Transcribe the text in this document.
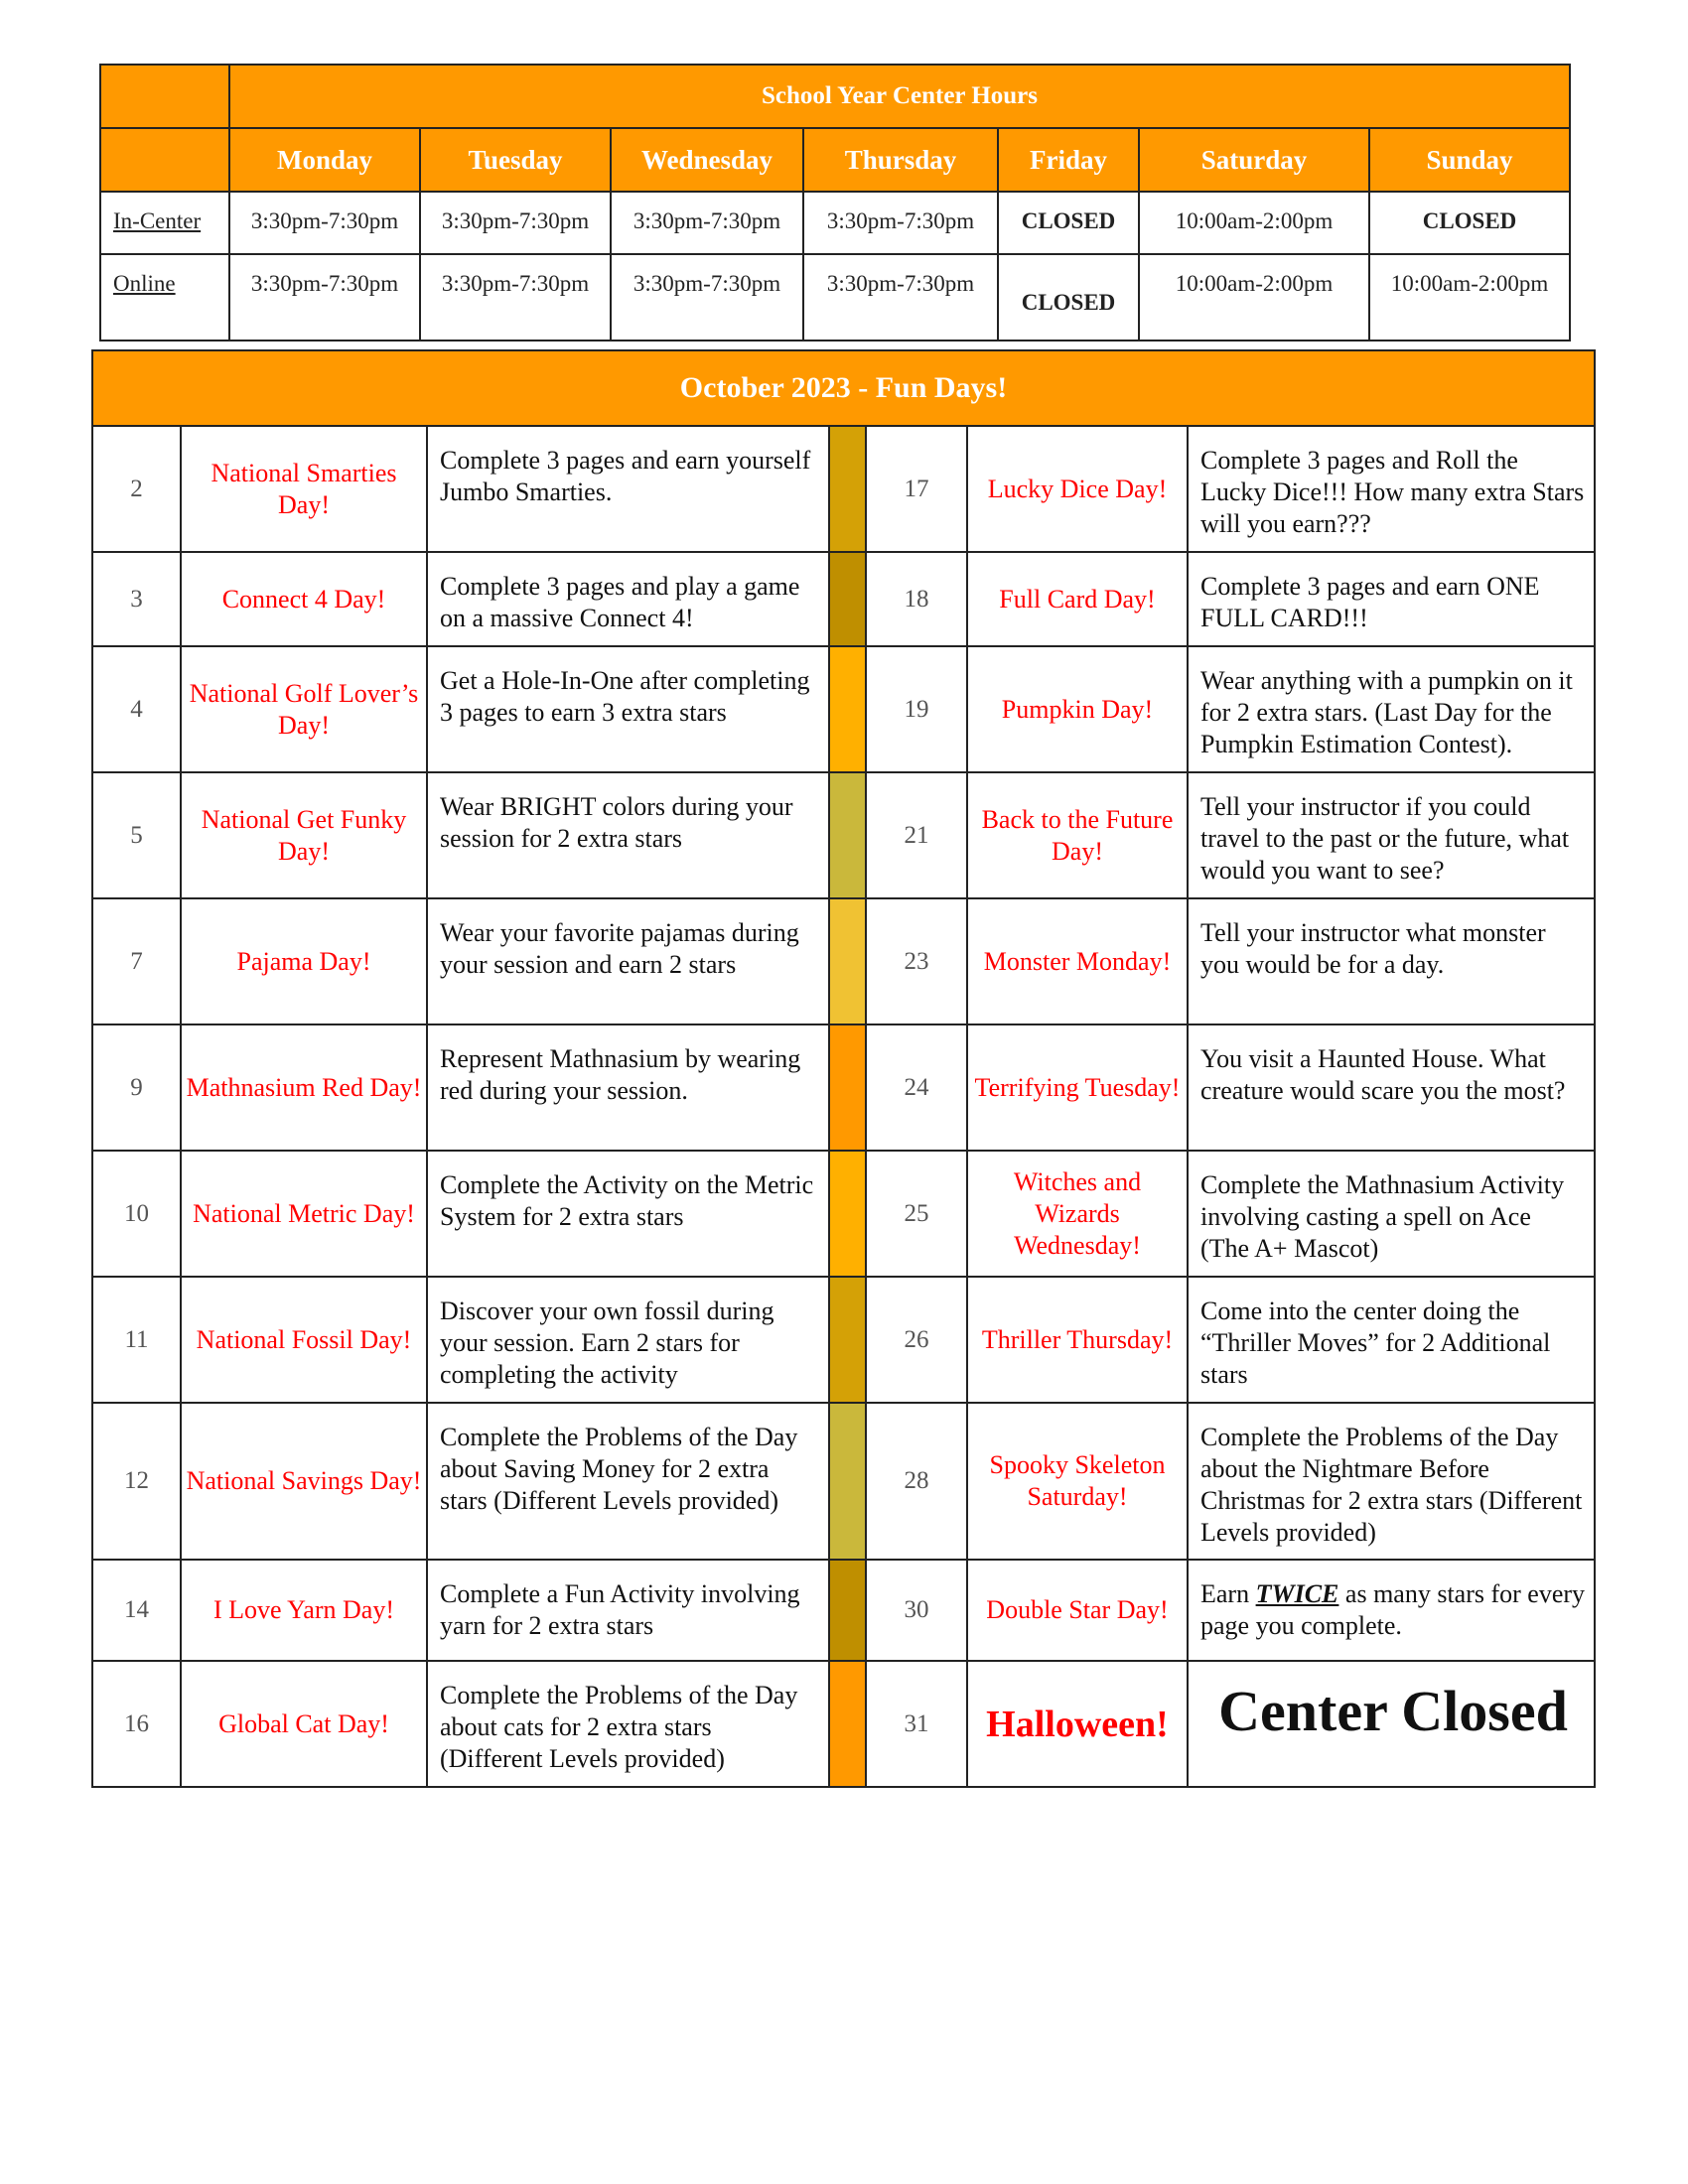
	School Year Center Hours						
	Monday	Tuesday	Wednesday	Thursday	Friday	Saturday	Sunday
In-Center	3:30pm-7:30pm	3:30pm-7:30pm	3:30pm-7:30pm	3:30pm-7:30pm	CLOSED	10:00am-2:00pm	CLOSED
Online	3:30pm-7:30pm	3:30pm-7:30pm	3:30pm-7:30pm	3:30pm-7:30pm	CLOSED	10:00am-2:00pm	10:00am-2:00pm
October 2023 - Fun Days!						
2	National Smarties Day!	Complete 3 pages and earn yourself Jumbo Smarties.		17	Lucky Dice Day!	Complete 3 pages and Roll the Lucky Dice!!! How many extra Stars will you earn???
3	Connect 4 Day!	Complete 3 pages and play a game on a massive Connect 4!		18	Full Card Day!	Complete 3 pages and earn ONE FULL CARD!!!
4	National Golf Lover’s Day!	Get a Hole-In-One after completing 3 pages to earn 3 extra stars		19	Pumpkin Day!	Wear anything with a pumpkin on it for 2 extra stars. (Last Day for the Pumpkin Estimation Contest).
5	National Get Funky Day!	Wear BRIGHT colors during your session for 2 extra stars		21	Back to the Future Day!	Tell your instructor if you could travel to the past or the future, what would you want to see?
7	Pajama Day!	Wear your favorite pajamas during your session and earn 2 stars		23	Monster Monday!	Tell your instructor what monster you would be for a day.
9	Mathnasium Red Day!	Represent Mathnasium by wearing red during your session.		24	Terrifying Tuesday!	You visit a Haunted House. What creature would scare you the most?
10	National Metric Day!	Complete the Activity on the Metric System for 2 extra stars		25	Witches and Wizards Wednesday!	Complete the Mathnasium Activity involving casting a spell on Ace (The A+ Mascot)
11	National Fossil Day!	Discover your own fossil during your session. Earn 2 stars for completing the activity		26	Thriller Thursday!	Come into the center doing the “Thriller Moves” for 2 Additional stars
12	National Savings Day!	Complete the Problems of the Day about Saving Money for 2 extra stars (Different Levels provided)		28	Spooky Skeleton Saturday!	Complete the Problems of the Day about the Nightmare Before Christmas for 2 extra stars (Different Levels provided)
14	I Love Yarn Day!	Complete a Fun Activity involving yarn for 2 extra stars		30	Double Star Day!	Earn TWICE as many stars for every page you complete.
16	Global Cat Day!	Complete the Problems of the Day about cats for 2 extra stars (Different Levels provided)		31	Halloween!	Center Closed
